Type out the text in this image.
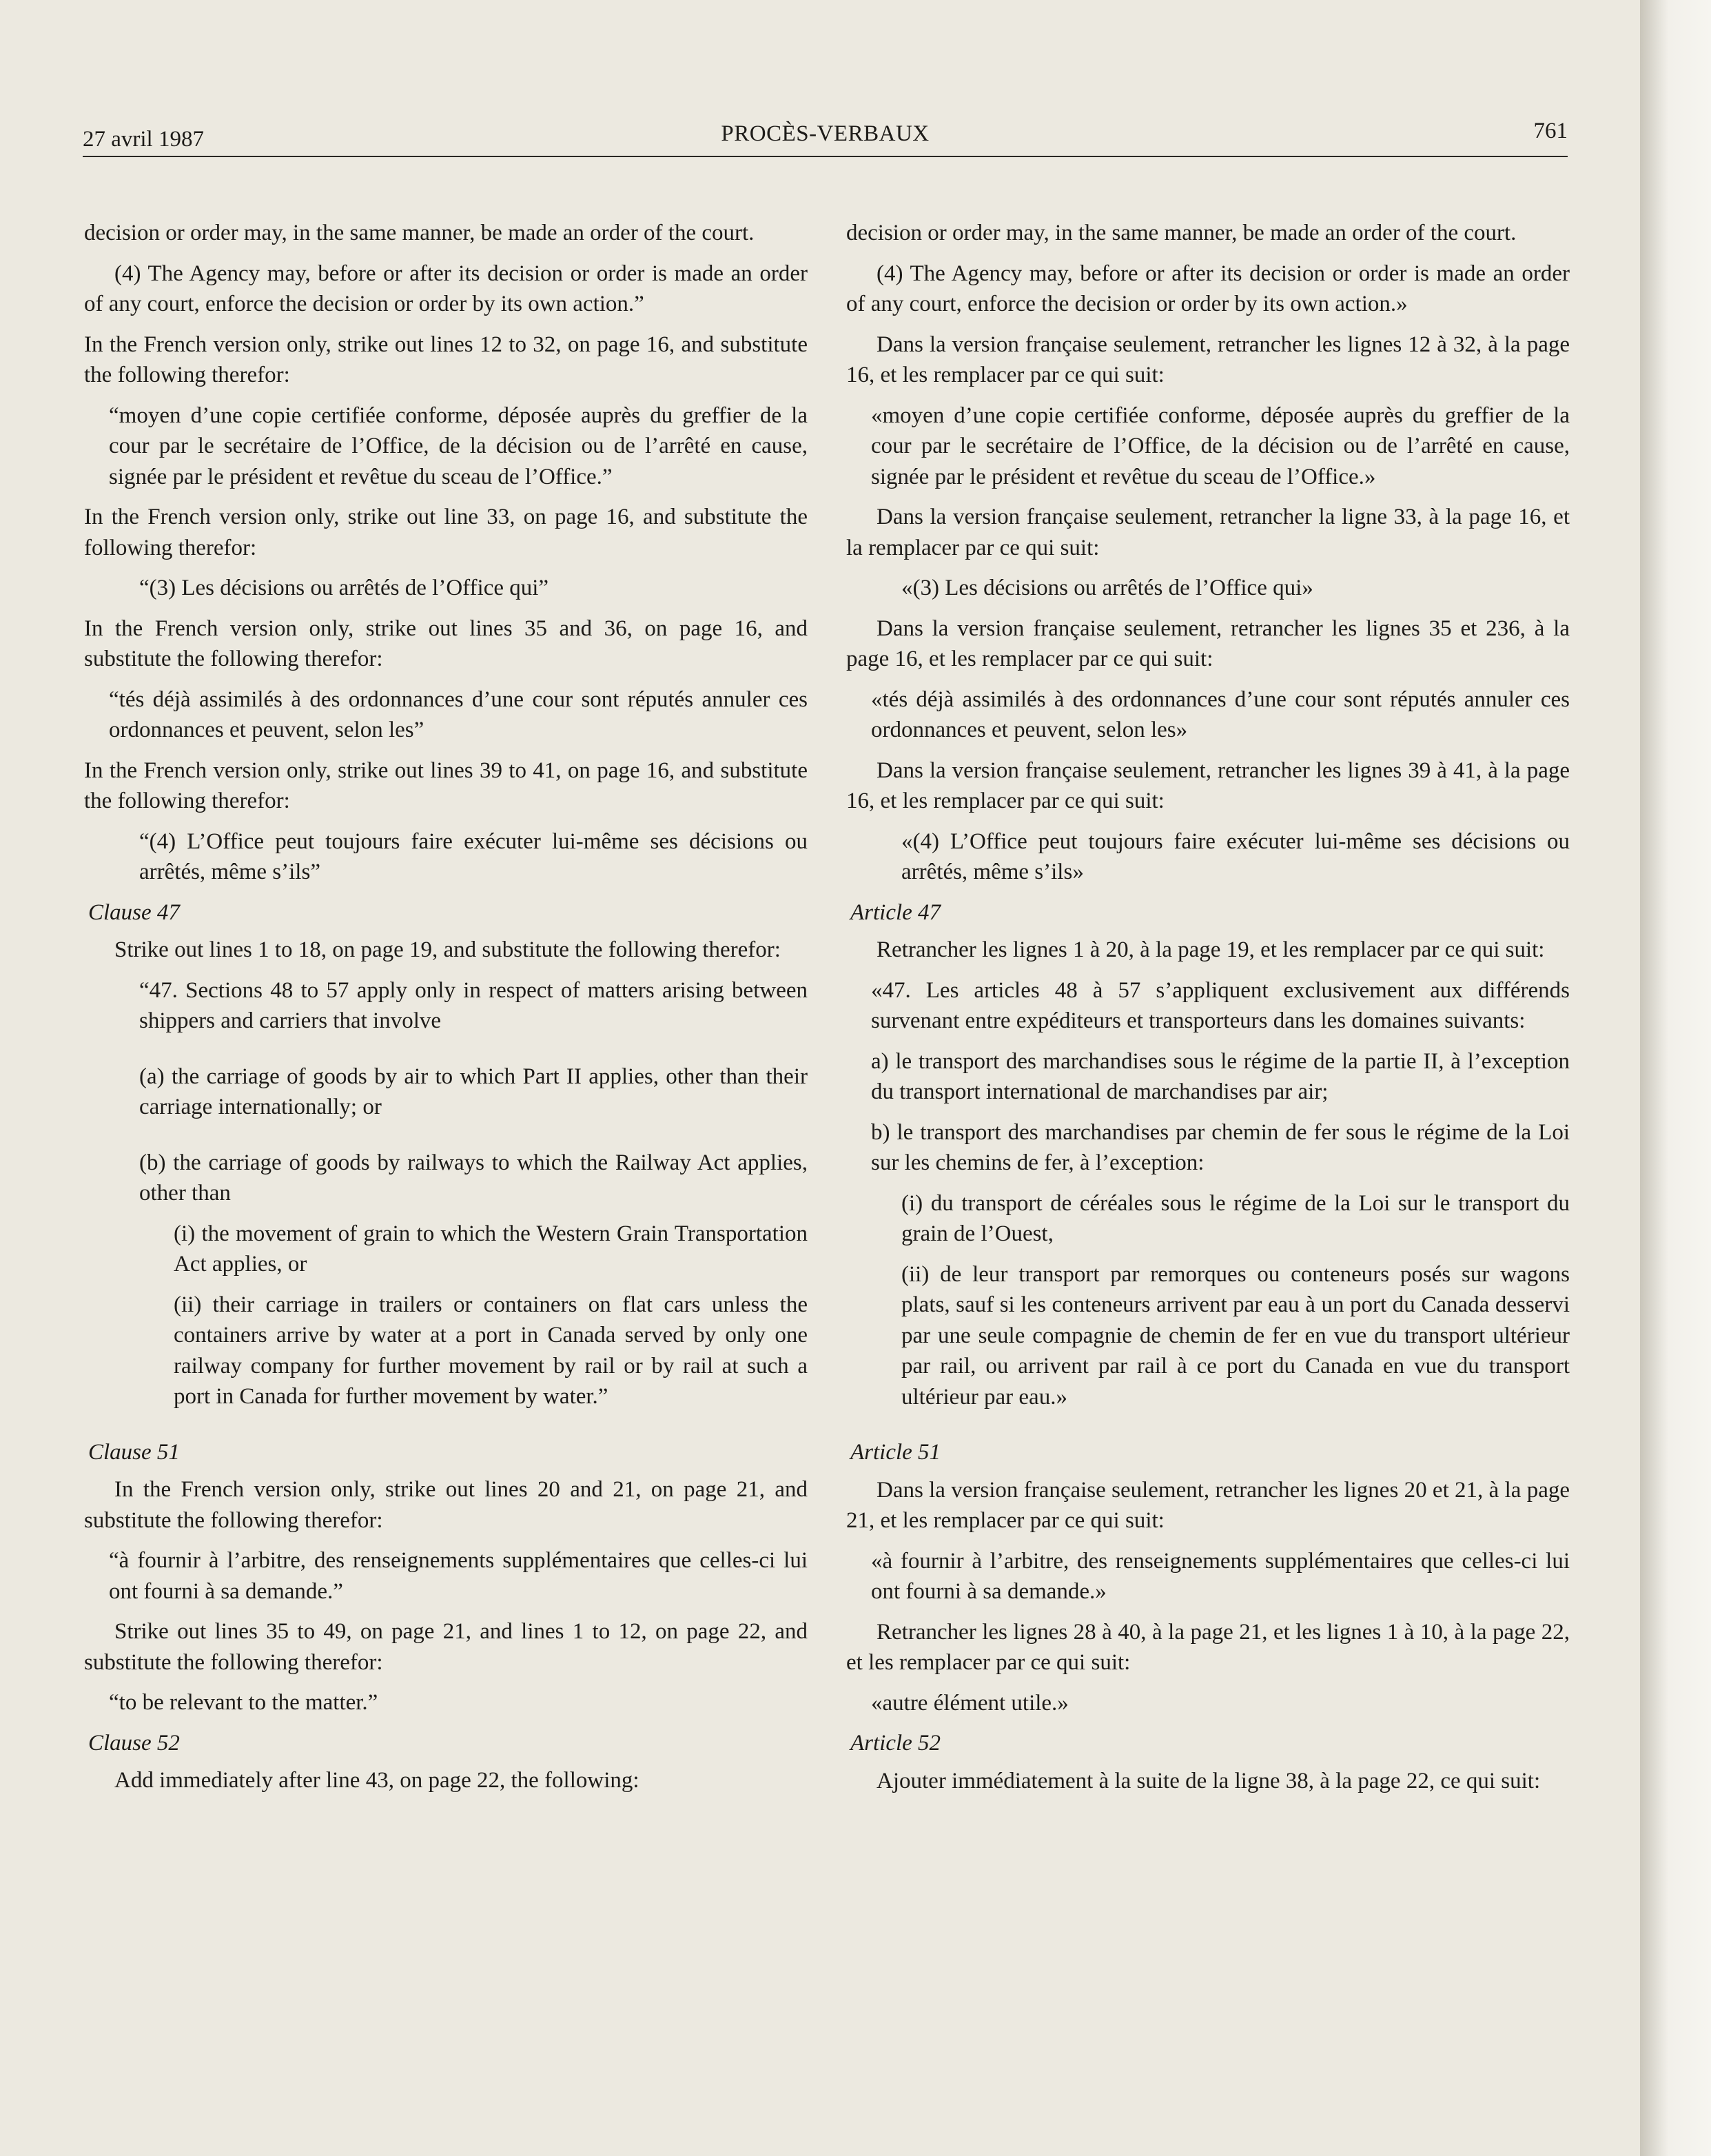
27 avril 1987	PROCÈS-VERBAUX	761

decision or order may, in the same manner, be made an order of the court.

(4) The Agency may, before or after its decision or order is made an order of any court, enforce the decision or order by its own action.”

In the French version only, strike out lines 12 to 32, on page 16, and substitute the following therefor:

“moyen d’une copie certifiée conforme, déposée auprès du greffier de la cour par le secrétaire de l’Office, de la décision ou de l’arrêté en cause, signée par le président et revêtue du sceau de l’Office.”

In the French version only, strike out line 33, on page 16, and substitute the following therefor:

“(3) Les décisions ou arrêtés de l’Office qui”

In the French version only, strike out lines 35 and 36, on page 16, and substitute the following therefor:

“tés déjà assimilés à des ordonnances d’une cour sont réputés annuler ces ordonnances et peuvent, selon les”

In the French version only, strike out lines 39 to 41, on page 16, and substitute the following therefor:

“(4) L’Office peut toujours faire exécuter lui-même ses décisions ou arrêtés, même s’ils”

Clause 47

Strike out lines 1 to 18, on page 19, and substitute the following therefor:

“47. Sections 48 to 57 apply only in respect of matters arising between shippers and carriers that involve

(a) the carriage of goods by air to which Part II applies, other than their carriage internationally; or

(b) the carriage of goods by railways to which the Railway Act applies, other than

(i) the movement of grain to which the Western Grain Transportation Act applies, or

(ii) their carriage in trailers or containers on flat cars unless the containers arrive by water at a port in Canada served by only one railway company for further movement by rail or by rail at such a port in Canada for further movement by water.”

Clause 51

In the French version only, strike out lines 20 and 21, on page 21, and substitute the following therefor:

“à fournir à l’arbitre, des renseignements supplémentaires que celles-ci lui ont fourni à sa demande.”

Strike out lines 35 to 49, on page 21, and lines 1 to 12, on page 22, and substitute the following therefor:

“to be relevant to the matter.”

Clause 52

Add immediately after line 43, on page 22, the following:

decision or order may, in the same manner, be made an order of the court.

(4) The Agency may, before or after its decision or order is made an order of any court, enforce the decision or order by its own action.»

Dans la version française seulement, retrancher les lignes 12 à 32, à la page 16, et les remplacer par ce qui suit:

«moyen d’une copie certifiée conforme, déposée auprès du greffier de la cour par le secrétaire de l’Office, de la décision ou de l’arrêté en cause, signée par le président et revêtue du sceau de l’Office.»

Dans la version française seulement, retrancher la ligne 33, à la page 16, et la remplacer par ce qui suit:

«(3) Les décisions ou arrêtés de l’Office qui»

Dans la version française seulement, retrancher les lignes 35 et 236, à la page 16, et les remplacer par ce qui suit:

«tés déjà assimilés à des ordonnances d’une cour sont réputés annuler ces ordonnances et peuvent, selon les»

Dans la version française seulement, retrancher les lignes 39 à 41, à la page 16, et les remplacer par ce qui suit:

«(4) L’Office peut toujours faire exécuter lui-même ses décisions ou arrêtés, même s’ils»

Article 47

Retrancher les lignes 1 à 20, à la page 19, et les remplacer par ce qui suit:

«47. Les articles 48 à 57 s’appliquent exclusivement aux différends survenant entre expéditeurs et transporteurs dans les domaines suivants:

a) le transport des marchandises sous le régime de la partie II, à l’exception du transport international de marchandises par air;

b) le transport des marchandises par chemin de fer sous le régime de la Loi sur les chemins de fer, à l’exception:

(i) du transport de céréales sous le régime de la Loi sur le transport du grain de l’Ouest,

(ii) de leur transport par remorques ou conteneurs posés sur wagons plats, sauf si les conteneurs arrivent par eau à un port du Canada desservi par une seule compagnie de chemin de fer en vue du transport ultérieur par rail, ou arrivent par rail à ce port du Canada en vue du transport ultérieur par eau.»

Article 51

Dans la version française seulement, retrancher les lignes 20 et 21, à la page 21, et les remplacer par ce qui suit:

«à fournir à l’arbitre, des renseignements supplémentaires que celles-ci lui ont fourni à sa demande.»

Retrancher les lignes 28 à 40, à la page 21, et les lignes 1 à 10, à la page 22, et les remplacer par ce qui suit:

«autre élément utile.»

Article 52

Ajouter immédiatement à la suite de la ligne 38, à la page 22, ce qui suit:
